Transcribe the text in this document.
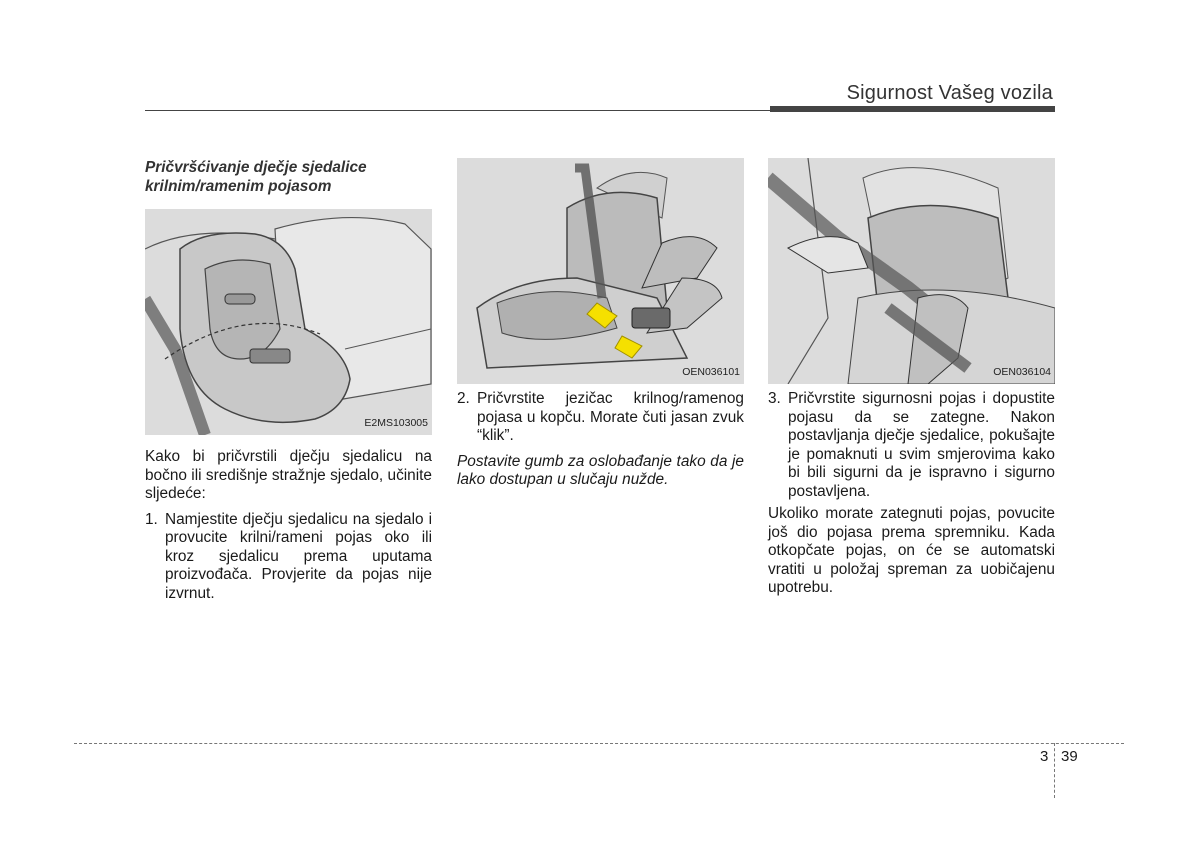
Sigurnost Vašeg vozila

Pričvršćivanje dječje sjedalice krilnim/ramenim pojasom

E2MS103005

Kako bi pričvrstili dječju sjedalicu na bočno ili središnje stražnje sjedalo, učinite sljedeće:

1. Namjestite dječju sjedalicu na sjedalo i provucite krilni/rameni pojas oko ili kroz sjedalicu prema uputama proizvođača. Provjerite da pojas nije izvrnut.
OEN036101
2. Pričvrstite jezičac krilnog/ramenog pojasa u kopču. Morate čuti jasan zvuk “klik”.

Postavite gumb za oslobađanje tako da je lako dostupan u slučaju nužde.

OEN036104
3. Pričvrstite sigurnosni pojas i dopustite pojasu da se zategne. Nakon postavljanja dječje sjedalice, pokušajte je pomaknuti u svim smjerovima kako bi bili sigurni da je ispravno i sigurno postavljena.

Ukoliko morate zategnuti pojas, povucite još dio pojasa prema spremniku. Kada otkopčate pojas, on će se automatski vratiti u položaj spreman za uobičajenu upotrebu.

3 39
